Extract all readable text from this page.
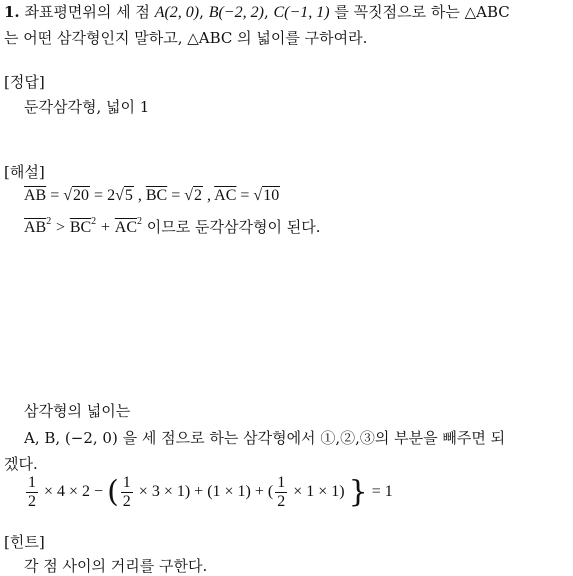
1. 좌표평면위의 세 점 A(2, 0), B(−2, 2), C(−1, 1) 를 꼭짓점으로 하는 △ABC
는 어떤 삼각형인지 말하고, △ABC 의 넓이를 구하여라.
[정답]
둔각삼각형, 넓이 1
[해설]
$\overline{AB} = √20 = 2√5$ , $\overline{BC} = √2$ , $\overline{AC} = √10$
$\overline{AB}^2 > \overline{BC}^2 + \overline{AC}^2$ 이므로 둔각삼각형이 된다.
삼각형의 넓이는
A, B, (−2, 0) 을 세 점으로 하는 삼각형에서 ①,②,③의 부분을 빼주면 되
겠다.
$\frac{1}{2} \times 4 \times 2$ − ( $\frac{1}{2} \times 3 \times 1) + (1 \times 1)$ + ( $\frac{1}{2} \times 1 \times 1$) } = 1
[힌트]
각 점 사이의 거리를 구한다.
